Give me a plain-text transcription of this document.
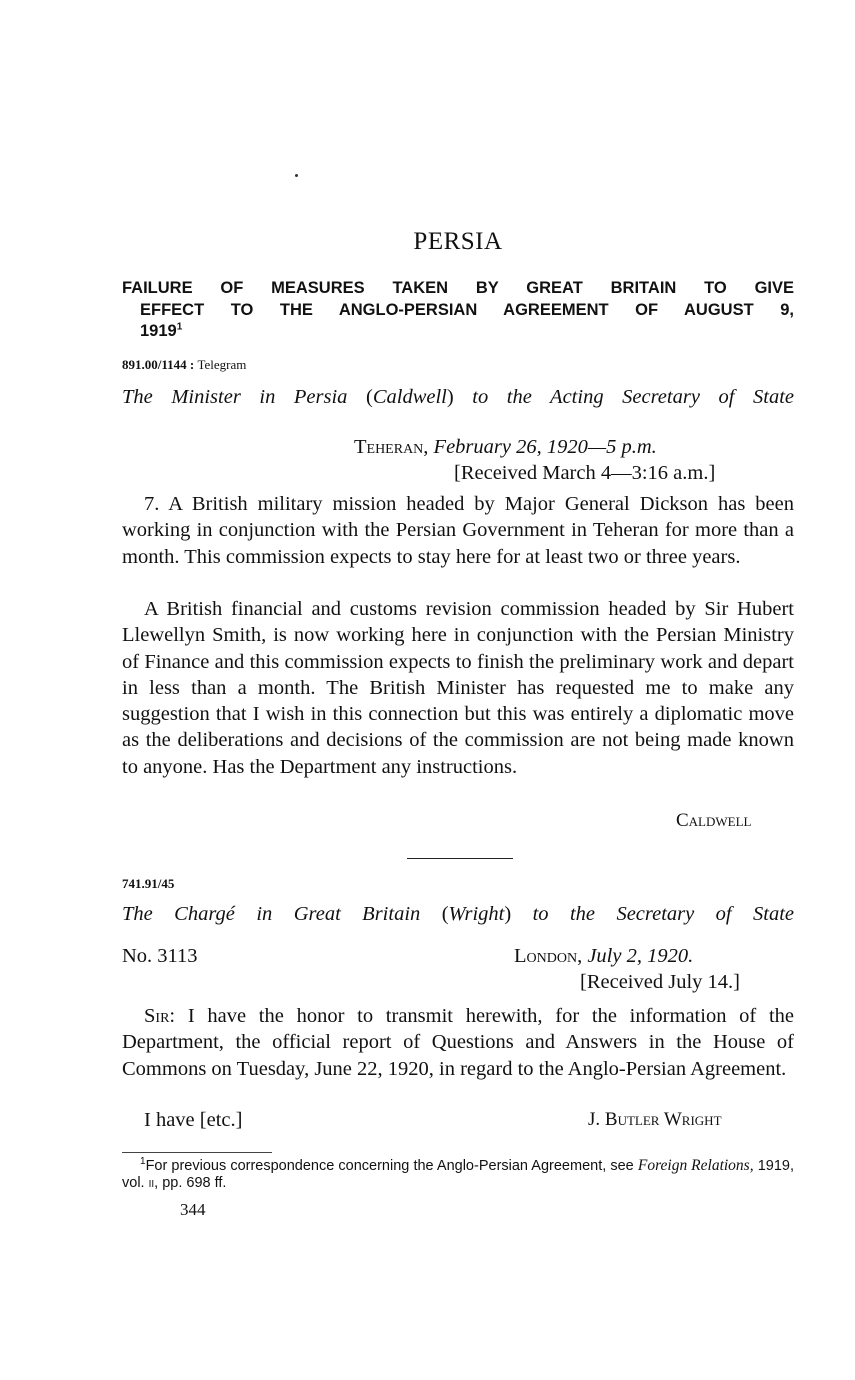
PERSIA
FAILURE OF MEASURES TAKEN BY GREAT BRITAIN TO GIVE
EFFECT TO THE ANGLO-PERSIAN AGREEMENT OF AUGUST 9,
1919$^1$
891.00/1144 : Telegram
The Minister in Persia (Caldwell) to the Acting Secretary of State
Teheran, February 26, 1920—5 p.m.
[Received March 4—3:16 a.m.]
7. A British military mission headed by Major General Dickson has been working in conjunction with the Persian Government in Teheran for more than a month. This commission expects to stay here for at least two or three years.
A British financial and customs revision commission headed by Sir Hubert Llewellyn Smith, is now working here in conjunction with the Persian Ministry of Finance and this commission expects to finish the preliminary work and depart in less than a month. The British Minister has requested me to make any suggestion that I wish in this connection but this was entirely a diplomatic move as the deliberations and decisions of the commission are not being made known to anyone. Has the Department any instructions.
Caldwell
741.91/45
The Chargé in Great Britain (Wright) to the Secretary of State
No. 3113	London, July 2, 1920.
[Received July 14.]
Sir: I have the honor to transmit herewith, for the information of the Department, the official report of Questions and Answers in the House of Commons on Tuesday, June 22, 1920, in regard to the Anglo-Persian Agreement.
I have [etc.]	J. Butler Wright
$^1$For previous correspondence concerning the Anglo-Persian Agreement, see Foreign Relations, 1919, vol. ii, pp. 698 ff.
344
